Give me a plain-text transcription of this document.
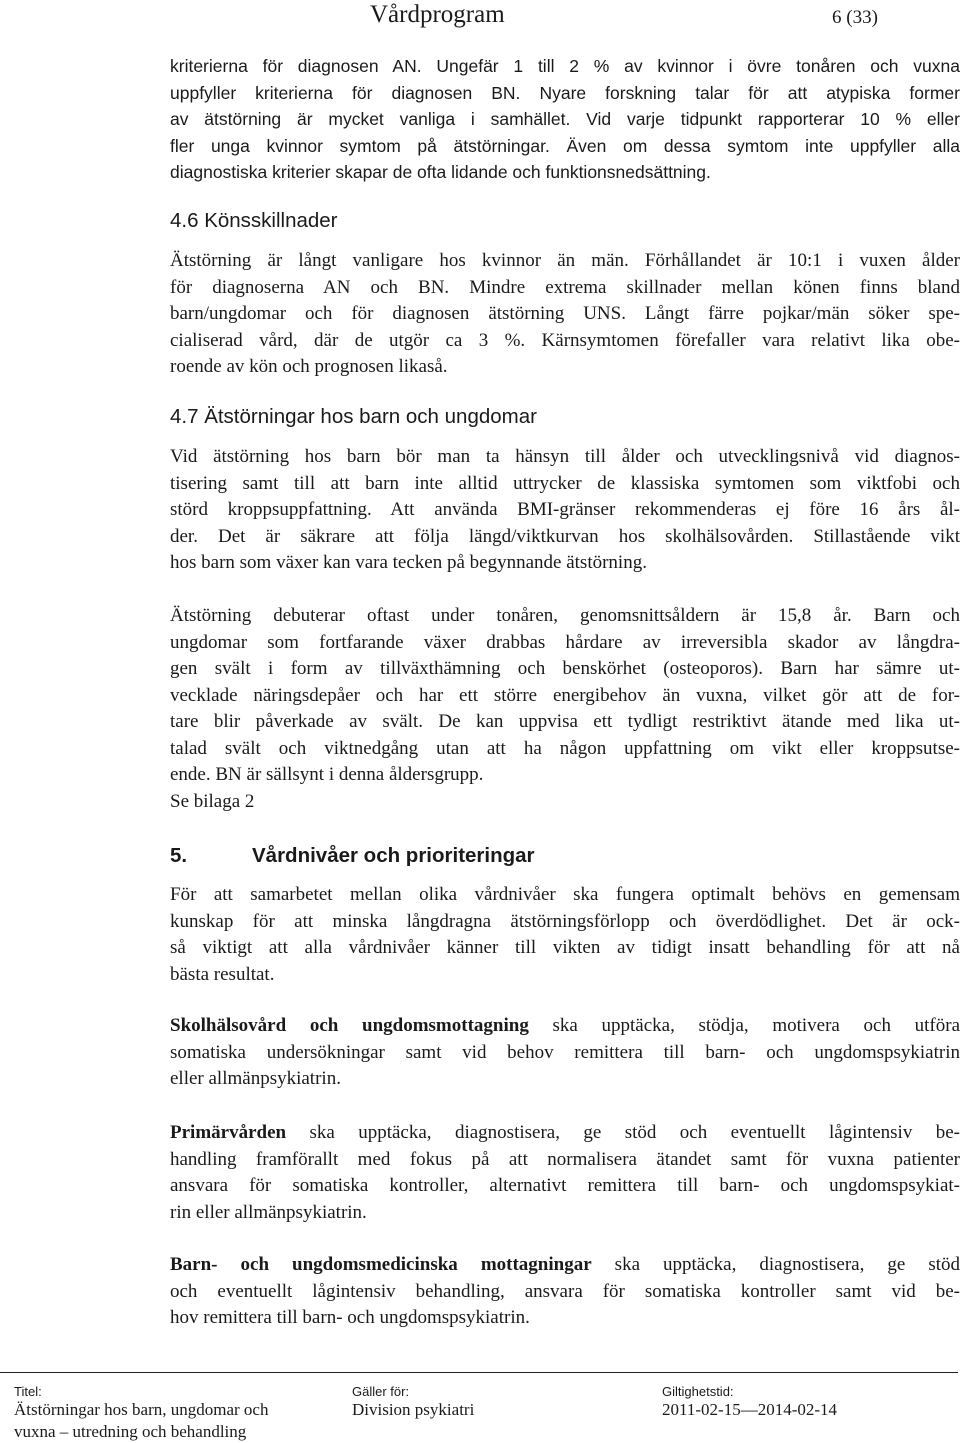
Vårdprogram	6 (33)
kriterierna för diagnosen AN. Ungefär 1 till 2 % av kvinnor i övre tonåren och vuxna
uppfyller kriterierna för diagnosen BN. Nyare forskning talar för att atypiska former
av ätstörning är mycket vanliga i samhället. Vid varje tidpunkt rapporterar 10 % eller
fler unga kvinnor symtom på ätstörningar. Även om dessa symtom inte uppfyller alla
diagnostiska kriterier skapar de ofta lidande och funktionsnedsättning.
4.6 Könsskillnader
Ätstörning är långt vanligare hos kvinnor än män. Förhållandet är 10:1 i vuxen ålder
för diagnoserna AN och BN. Mindre extrema skillnader mellan könen finns bland
barn/ungdomar och för diagnosen ätstörning UNS. Långt färre pojkar/män söker spe-
cialiserad vård, där de utgör ca 3 %. Kärnsymtomen förefaller vara relativt lika obe-
roende av kön och prognosen likaså.
4.7 Ätstörningar hos barn och ungdomar
Vid ätstörning hos barn bör man ta hänsyn till ålder och utvecklingsnivå vid diagnos-
tisering samt till att barn inte alltid uttrycker de klassiska symtomen som viktfobi och
störd kroppsuppfattning. Att använda BMI-gränser rekommenderas ej före 16 års ål-
der. Det är säkrare att följa längd/viktkurvan hos skolhälsovården. Stillastående vikt
hos barn som växer kan vara tecken på begynnande ätstörning.
Ätstörning debuterar oftast under tonåren, genomsnittsåldern är 15,8 år. Barn och
ungdomar som fortfarande växer drabbas hårdare av irreversibla skador av långdra-
gen svält i form av tillväxthämning och benskörhet (osteoporos). Barn har sämre ut-
vecklade näringsdepåer och har ett större energibehov än vuxna, vilket gör att de for-
tare blir påverkade av svält. De kan uppvisa ett tydligt restriktivt ätande med lika ut-
talad svält och viktnedgång utan att ha någon uppfattning om vikt eller kroppsutse-
ende. BN är sällsynt i denna åldersgrupp.
Se bilaga 2
5.	Vårdnivåer och prioriteringar
För att samarbetet mellan olika vårdnivåer ska fungera optimalt behövs en gemensam
kunskap för att minska långdragna ätstörningsförlopp och överdödlighet. Det är ock-
så viktigt att alla vårdnivåer känner till vikten av tidigt insatt behandling för att nå
bästa resultat.
Skolhälsovård och ungdomsmottagning ska upptäcka, stödja, motivera och utföra
somatiska undersökningar samt vid behov remittera till barn- och ungdomspsykiatrin
eller allmänpsykiatrin.
Primärvården ska upptäcka, diagnostisera, ge stöd och eventuellt lågintensiv be-
handling framförallt med fokus på att normalisera ätandet samt för vuxna patienter
ansvara för somatiska kontroller, alternativt remittera till barn- och ungdomspsykiat-
rin eller allmänpsykiatrin.
Barn- och ungdomsmedicinska mottagningar ska upptäcka, diagnostisera, ge stöd
och eventuellt lågintensiv behandling, ansvara för somatiska kontroller samt vid be-
hov remittera till barn- och ungdomspsykiatrin.
Titel:
Ätstörningar hos barn, ungdomar och
vuxna – utredning och behandling
Gäller för:
Division psykiatri
Giltighetstid:
2011-02-15—2014-02-14
